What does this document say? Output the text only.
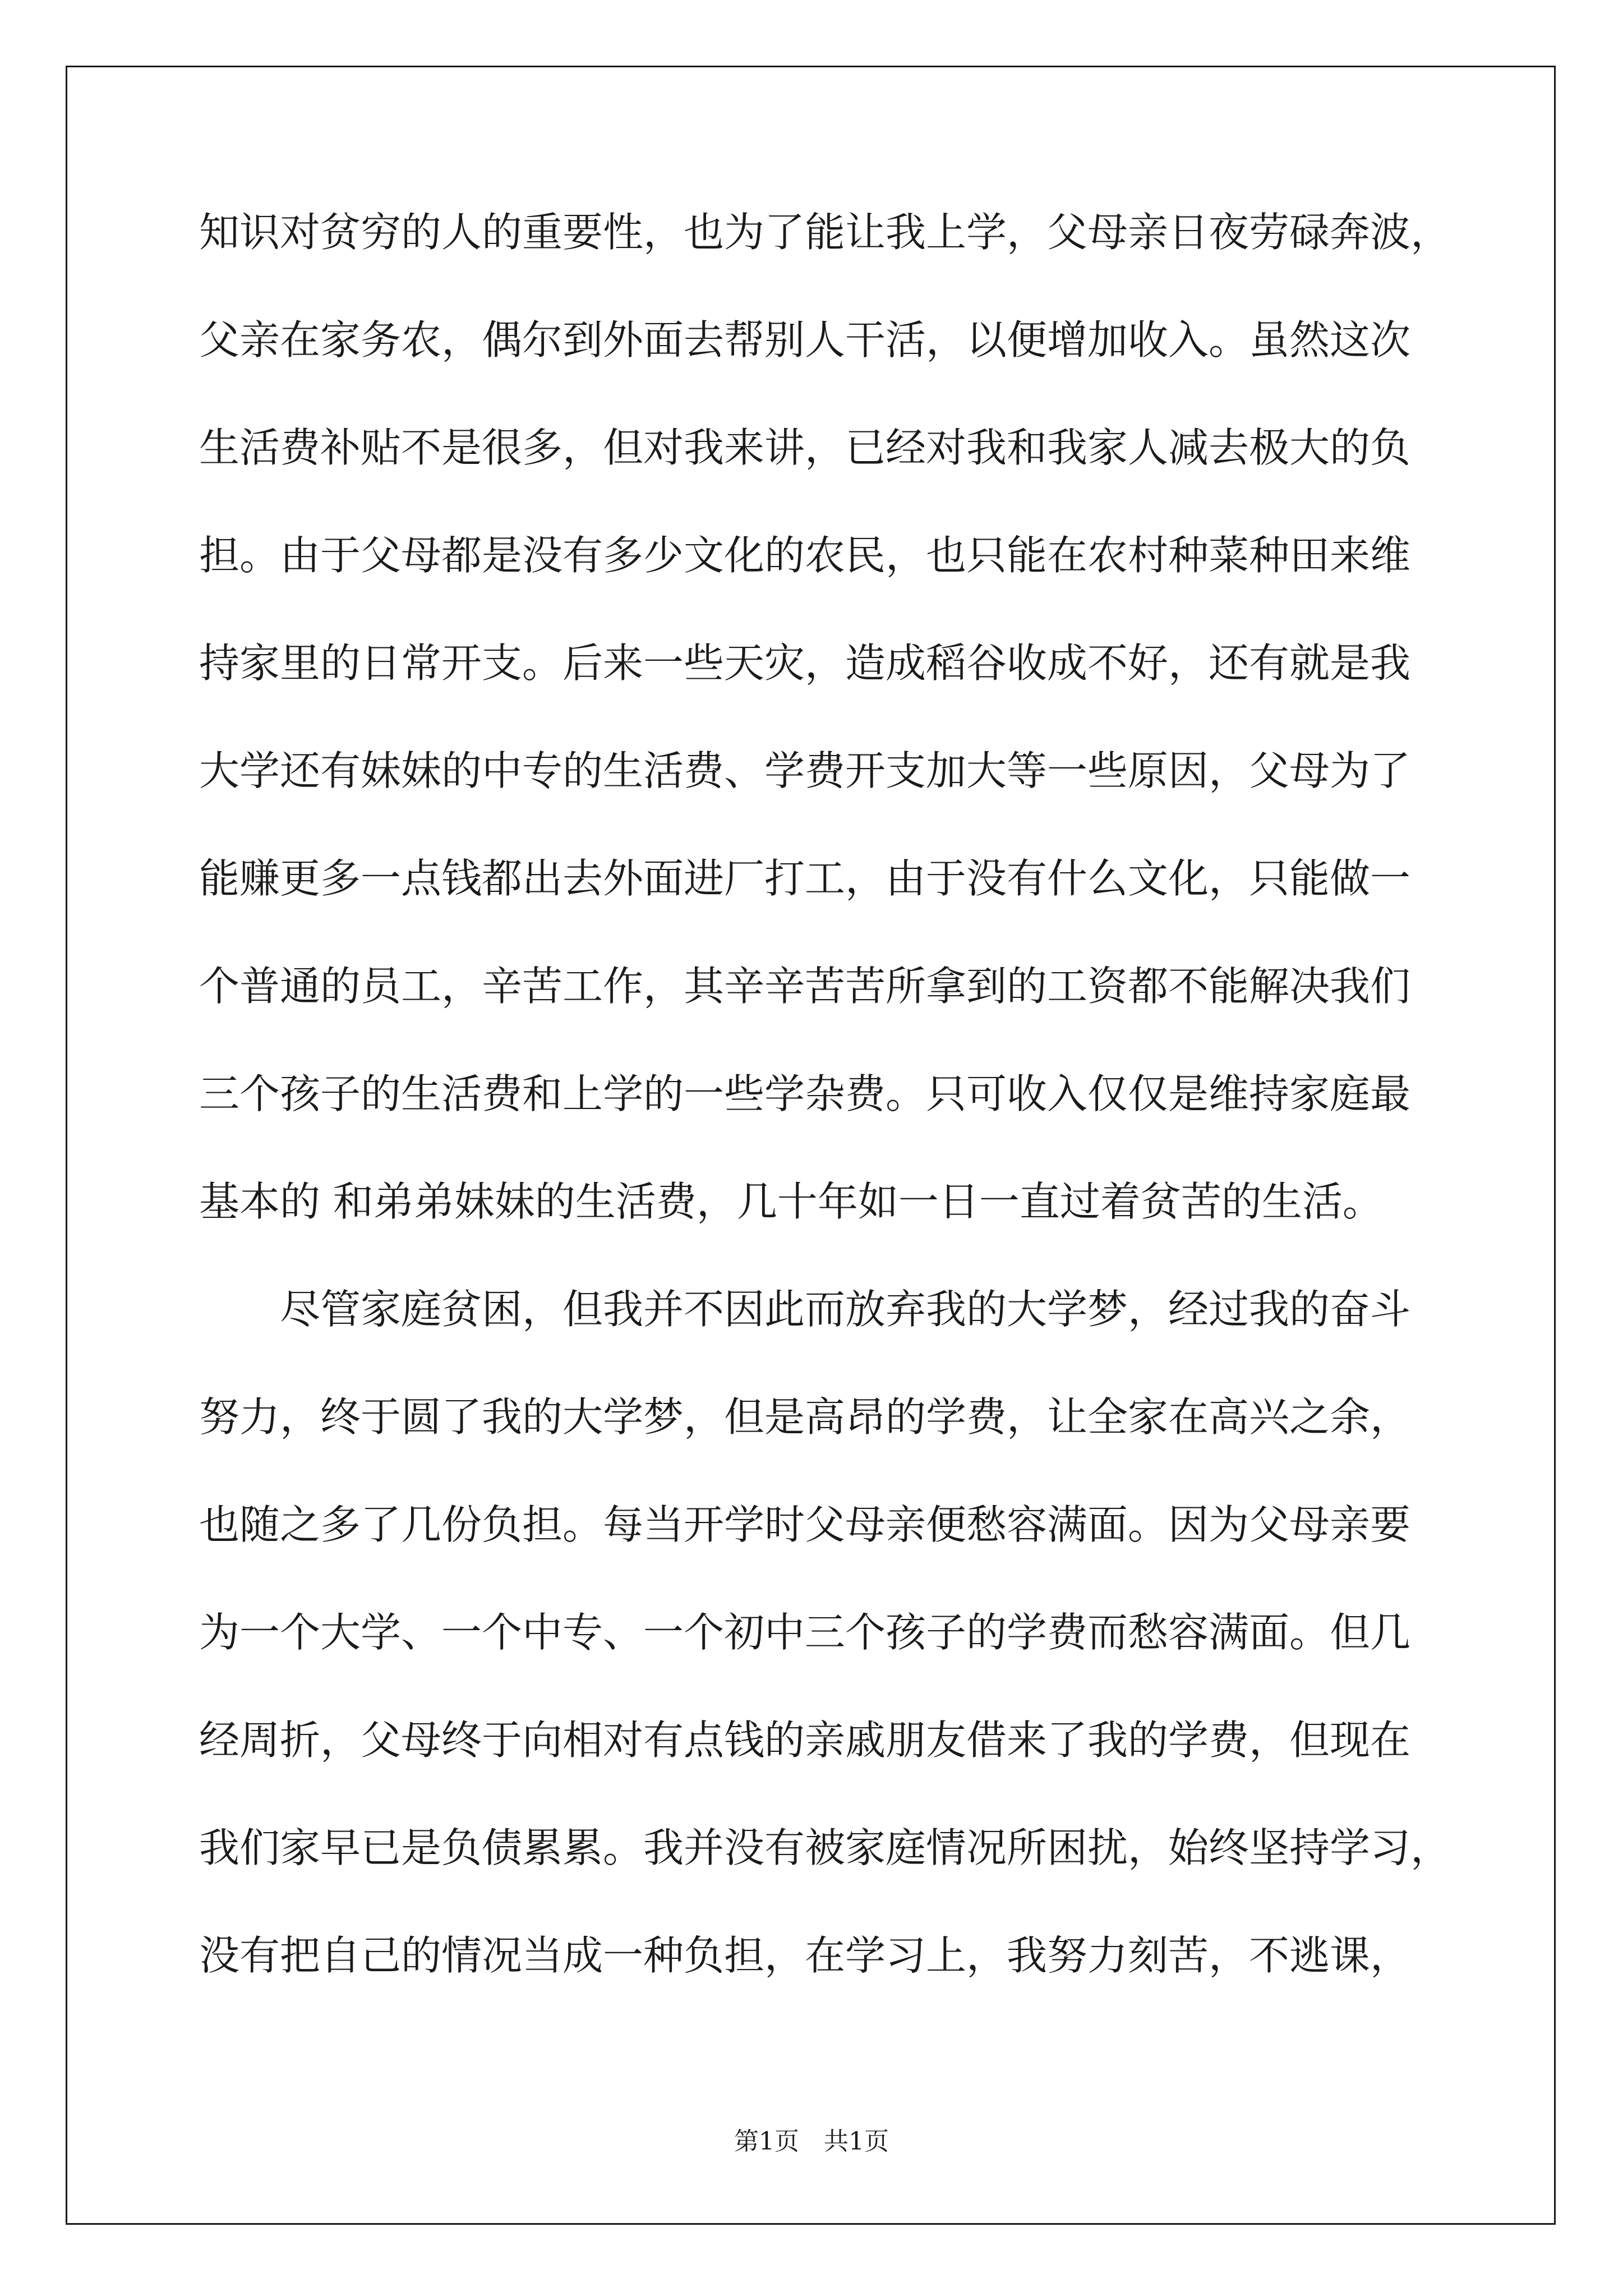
知识对贫穷的人的重要性，也为了能让我上学，父母亲日夜劳碌奔波，
父亲在家务农，偶尔到外面去帮别人干活，以便增加收入。虽然这次
生活费补贴不是很多，但对我来讲，已经对我和我家人减去极大的负
担。由于父母都是没有多少文化的农民，也只能在农村种菜种田来维
持家里的日常开支。后来一些天灾，造成稻谷收成不好，还有就是我
大学还有妹妹的中专的生活费、学费开支加大等一些原因，父母为了
能赚更多一点钱都出去外面进厂打工，由于没有什么文化，只能做一
个普通的员工，辛苦工作，其辛辛苦苦所拿到的工资都不能解决我们
三个孩子的生活费和上学的一些学杂费。只可收入仅仅是维持家庭最
基本的 和弟弟妹妹的生活费，几十年如一日一直过着贫苦的生活。
　　尽管家庭贫困，但我并不因此而放弃我的大学梦，经过我的奋斗
努力，终于圆了我的大学梦，但是高昂的学费，让全家在高兴之余，
也随之多了几份负担。每当开学时父母亲便愁容满面。因为父母亲要
为一个大学、一个中专、一个初中三个孩子的学费而愁容满面。但几
经周折，父母终于向相对有点钱的亲戚朋友借来了我的学费，但现在
我们家早已是负债累累。我并没有被家庭情况所困扰，始终坚持学习，
没有把自己的情况当成一种负担，在学习上，我努力刻苦，不逃课，
第1页　共1页
